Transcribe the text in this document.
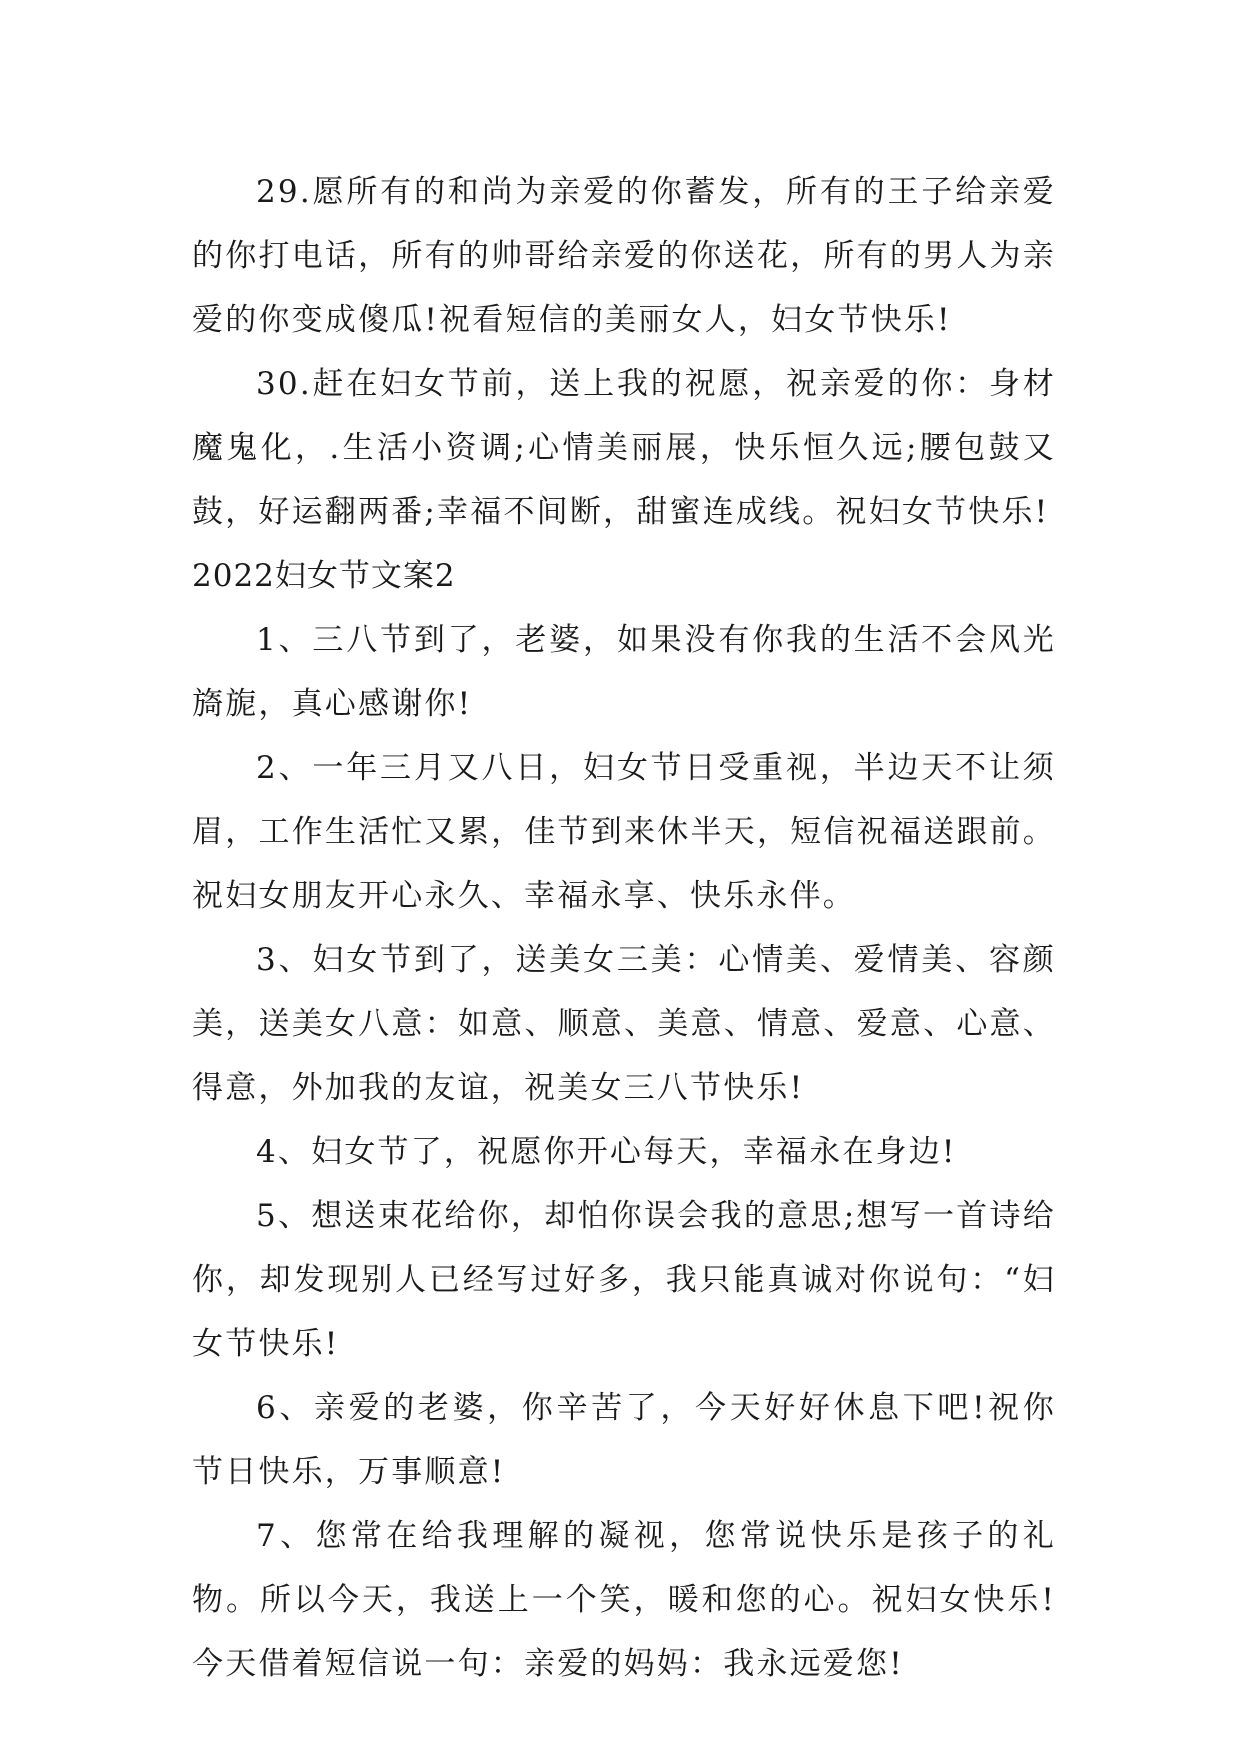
29.愿所有的和尚为亲爱的你蓄发，所有的王子给亲爱的你打电话，所有的帅哥给亲爱的你送花，所有的男人为亲爱的你变成傻瓜!祝看短信的美丽女人，妇女节快乐!

30.赶在妇女节前，送上我的祝愿，祝亲爱的你：身材魔鬼化，.生活小资调;心情美丽展，快乐恒久远;腰包鼓又鼓，好运翻两番;幸福不间断，甜蜜连成线。祝妇女节快乐!

2022妇女节文案2

1、三八节到了，老婆，如果没有你我的生活不会风光旖旎，真心感谢你!

2、一年三月又八日，妇女节日受重视，半边天不让须眉，工作生活忙又累，佳节到来休半天，短信祝福送跟前。祝妇女朋友开心永久、幸福永享、快乐永伴。

3、妇女节到了，送美女三美：心情美、爱情美、容颜美，送美女八意：如意、顺意、美意、情意、爱意、心意、得意，外加我的友谊，祝美女三八节快乐!

4、妇女节了，祝愿你开心每天，幸福永在身边!

5、想送束花给你，却怕你误会我的意思;想写一首诗给你，却发现别人已经写过好多，我只能真诚对你说句：“妇女节快乐!

6、亲爱的老婆，你辛苦了，今天好好休息下吧!祝你节日快乐，万事顺意!

7、您常在给我理解的凝视，您常说快乐是孩子的礼物。所以今天，我送上一个笑，暖和您的心。祝妇女快乐!今天借着短信说一句：亲爱的妈妈：我永远爱您!
